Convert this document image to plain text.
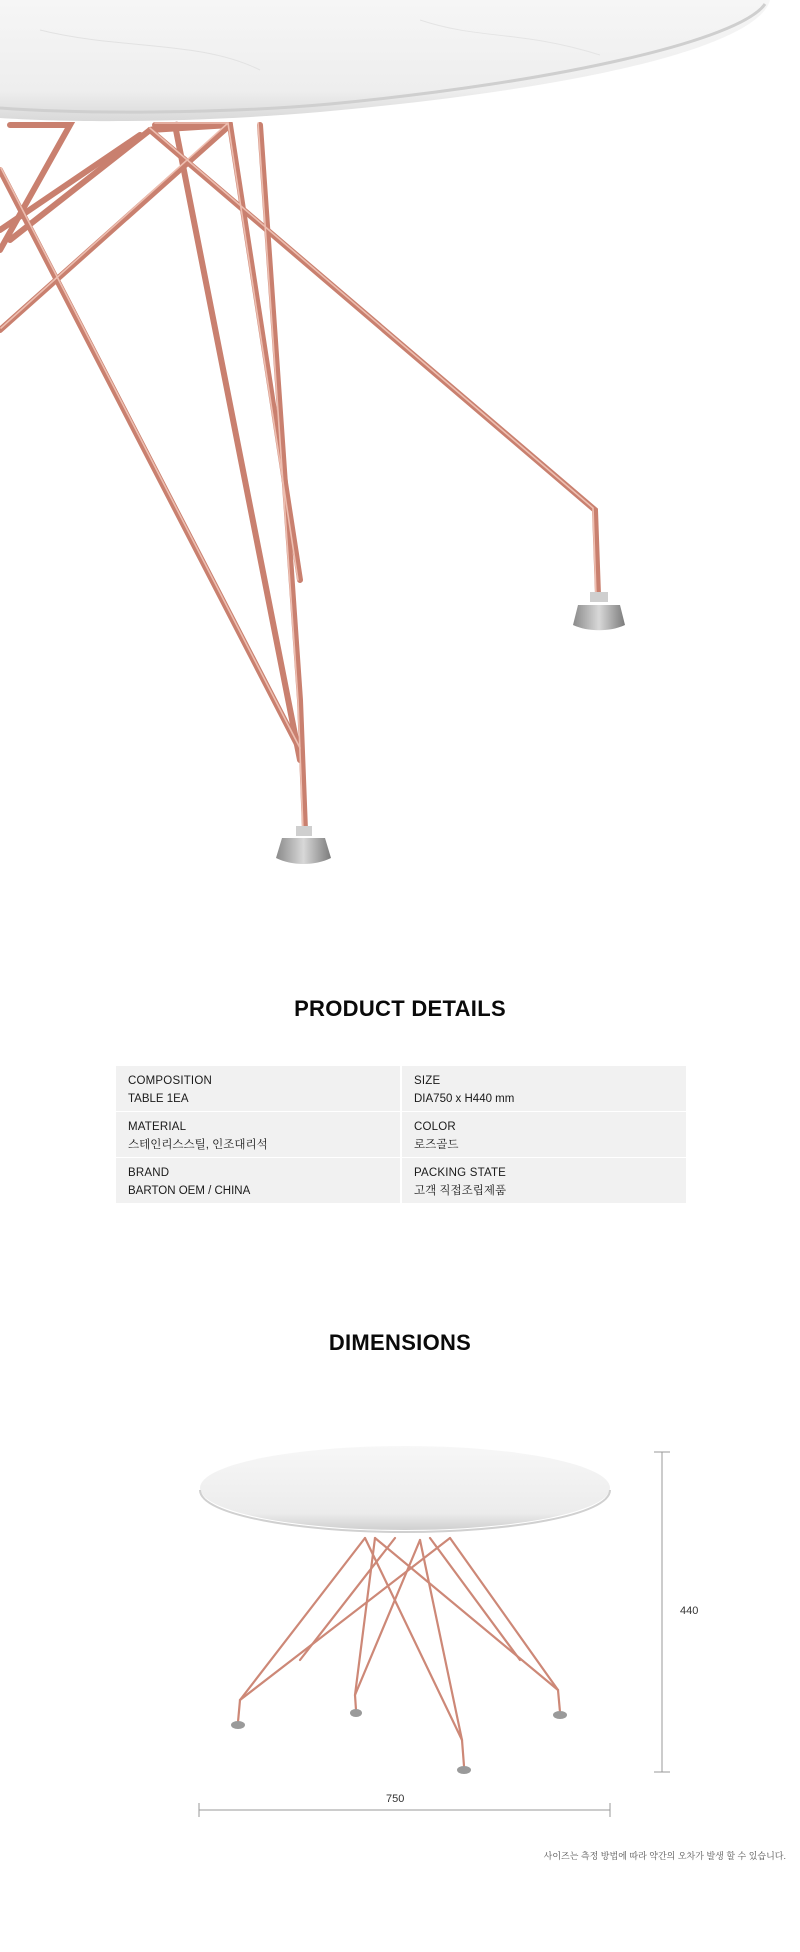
PRODUCT DETAILS
COMPOSITION
TABLE 1EA
SIZE
DIA750 x H440 mm
MATERIAL
스테인리스스틸, 인조대리석
COLOR
로즈골드
BRAND
BARTON OEM / CHINA
PACKING STATE
고객 직접조립제품
DIMENSIONS
440
750
사이즈는 측정 방법에 따라 약간의 오차가 발생 할 수 있습니다.
